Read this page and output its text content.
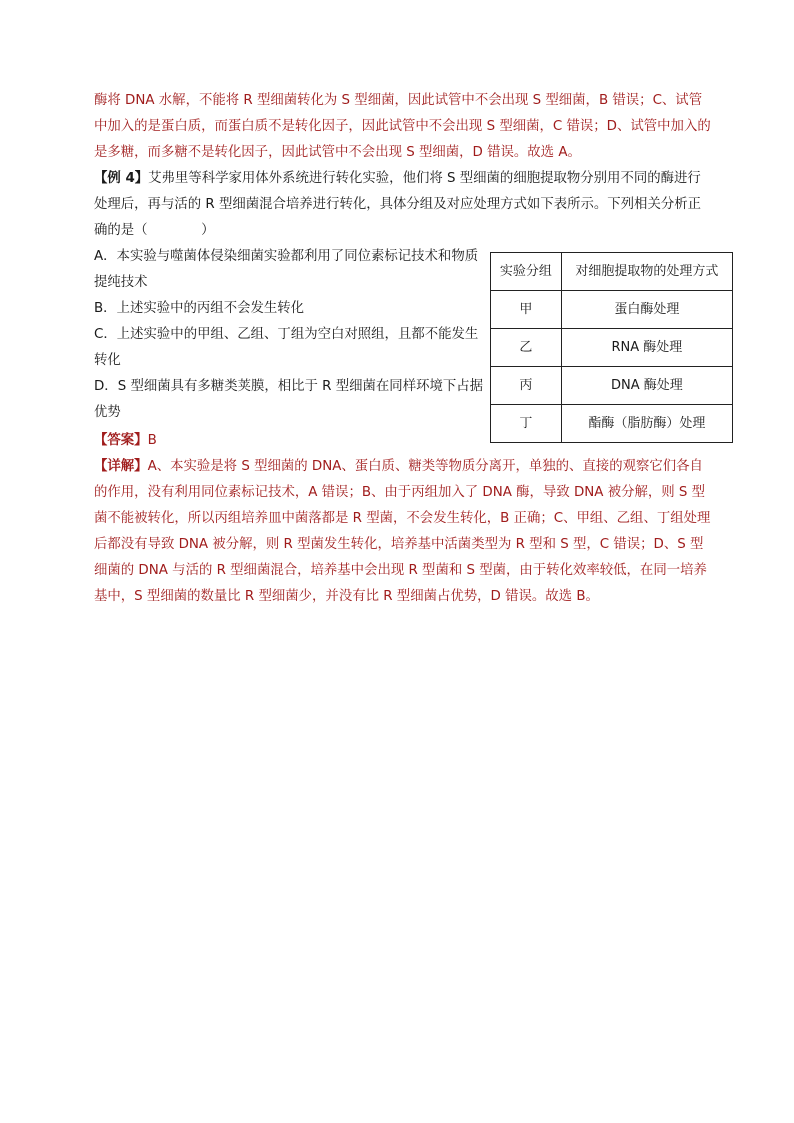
酶将 DNA 水解，不能将 R 型细菌转化为 S 型细菌，因此试管中不会出现 S 型细菌，B 错误；C、试管中加入的是蛋白质，而蛋白质不是转化因子，因此试管中不会出现 S 型细菌，C 错误；D、试管中加入的是多糖，而多糖不是转化因子，因此试管中不会出现 S 型细菌，D 错误。故选 A。

【例 4】艾弗里等科学家用体外系统进行转化实验，他们将 S 型细菌的细胞提取物分别用不同的酶进行处理后，再与活的 R 型细菌混合培养进行转化，具体分组及对应处理方式如下表所示。下列相关分析正确的是（　　　　）

A．本实验与噬菌体侵染细菌实验都利用了同位素标记技术和物质提纯技术

B．上述实验中的丙组不会发生转化

C．上述实验中的甲组、乙组、丁组为空白对照组，且都不能发生转化

D．S 型细菌具有多糖类荚膜，相比于 R 型细菌在同样环境下占据优势

实验分组	对细胞提取物的处理方式
甲	蛋白酶处理
乙	RNA 酶处理
丙	DNA 酶处理
丁	酯酶（脂肪酶）处理

【答案】B

【详解】A、本实验是将 S 型细菌的 DNA、蛋白质、糖类等物质分离开，单独的、直接的观察它们各自的作用，没有利用同位素标记技术，A 错误；B、由于丙组加入了 DNA 酶，导致 DNA 被分解，则 S 型菌不能被转化，所以丙组培养皿中菌落都是 R 型菌，不会发生转化，B 正确；C、甲组、乙组、丁组处理后都没有导致 DNA 被分解，则 R 型菌发生转化，培养基中活菌类型为 R 型和 S 型，C 错误；D、S 型细菌的 DNA 与活的 R 型细菌混合，培养基中会出现 R 型菌和 S 型菌，由于转化效率较低，在同一培养基中，S 型细菌的数量比 R 型细菌少，并没有比 R 型细菌占优势，D 错误。故选 B。
